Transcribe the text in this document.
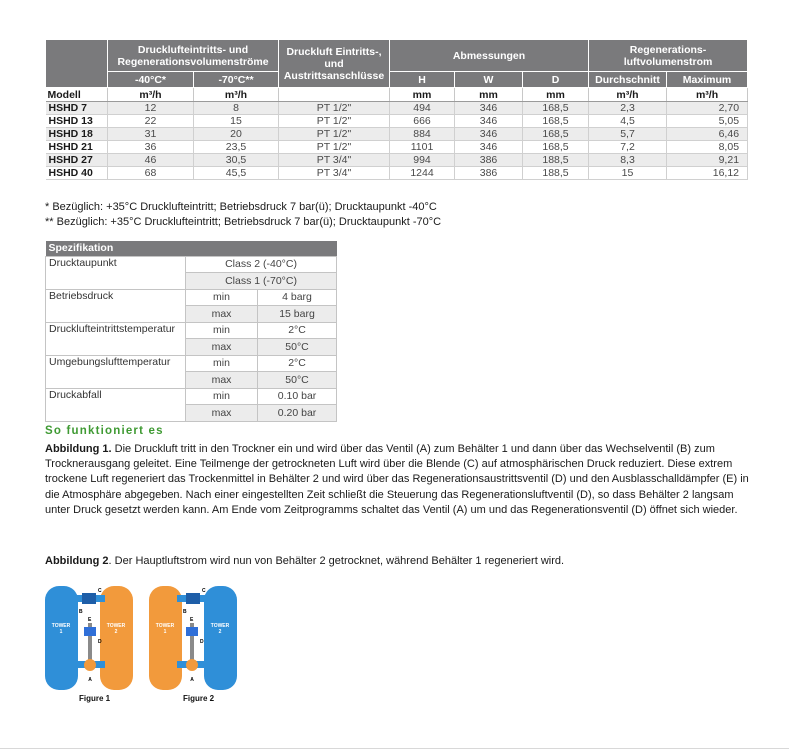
	Drucklufteintritts- und Regenerationsvolumenströme		Druckluft Eintritts-, und Austrittsanschlüsse	Abmessungen			Regenerations-luftvolumenstrom	
	-40°C*	-70°C**		H	W	D	Durchschnitt	Maximum
Modell	m³/h	m³/h		mm	mm	mm	m³/h	m³/h
HSHD 7	12	8	PT 1/2"	494	346	168,5	2,3	2,70
HSHD 13	22	15	PT 1/2"	666	346	168,5	4,5	5,05
HSHD 18	31	20	PT 1/2"	884	346	168,5	5,7	6,46
HSHD 21	36	23,5	PT 1/2"	1101	346	168,5	7,2	8,05
HSHD 27	46	30,5	PT 3/4"	994	386	188,5	8,3	9,21
HSHD 40	68	45,5	PT 3/4"	1244	386	188,5	15	16,12
* Bezüglich: +35°C Drucklufteintritt; Betriebsdruck 7 bar(ü); Drucktaupunkt -40°C
** Bezüglich: +35°C Drucklufteintritt; Betriebsdruck 7 bar(ü); Drucktaupunkt -70°C
Spezifikation		
Drucktaupunkt	Class 2 (-40°C)	
	Class 1 (-70°C)	
Betriebsdruck	min	4 barg
	max	15 barg
Drucklufteintrittstemperatur	min	2°C
	max	50°C
Umgebungslufttemperatur	min	2°C
	max	50°C
Druckabfall	min	0.10 bar
	max	0.20 bar
So funktioniert es
Abbildung 1. Die Druckluft tritt in den Trockner ein und wird über das Ventil (A) zum Behälter 1 und dann über das Wechselventil (B) zum Trocknerausgang geleitet. Eine Teilmenge der getrockneten Luft wird über die Blende (C) auf atmosphärischen Druck reduziert. Diese extrem trockene Luft regeneriert das Trockenmittel in Behälter 2 und wird über das Regenerationsaustrittsventil (D) und den Ausblasschalldämpfer (E) in die Atmosphäre abgegeben. Nach einer eingestellten Zeit schließt die Steuerung das Regenerationsluftventil (D), so dass Behälter 2 langsam unter Druck gesetzt werden kann. Am Ende vom Zeitprogramms schaltet das Ventil (A) um und das Regenerationsventil (D) öffnet sich wieder.
Abbildung 2. Der Hauptluftstrom wird nun von Behälter 2 getrocknet, während Behälter 1 regeneriert wird.
TOWER
1
TOWER
2
A
B
C
D
E
TOWER
1
TOWER
2
A
B
C
D
E
Figure 1	Figure 2
